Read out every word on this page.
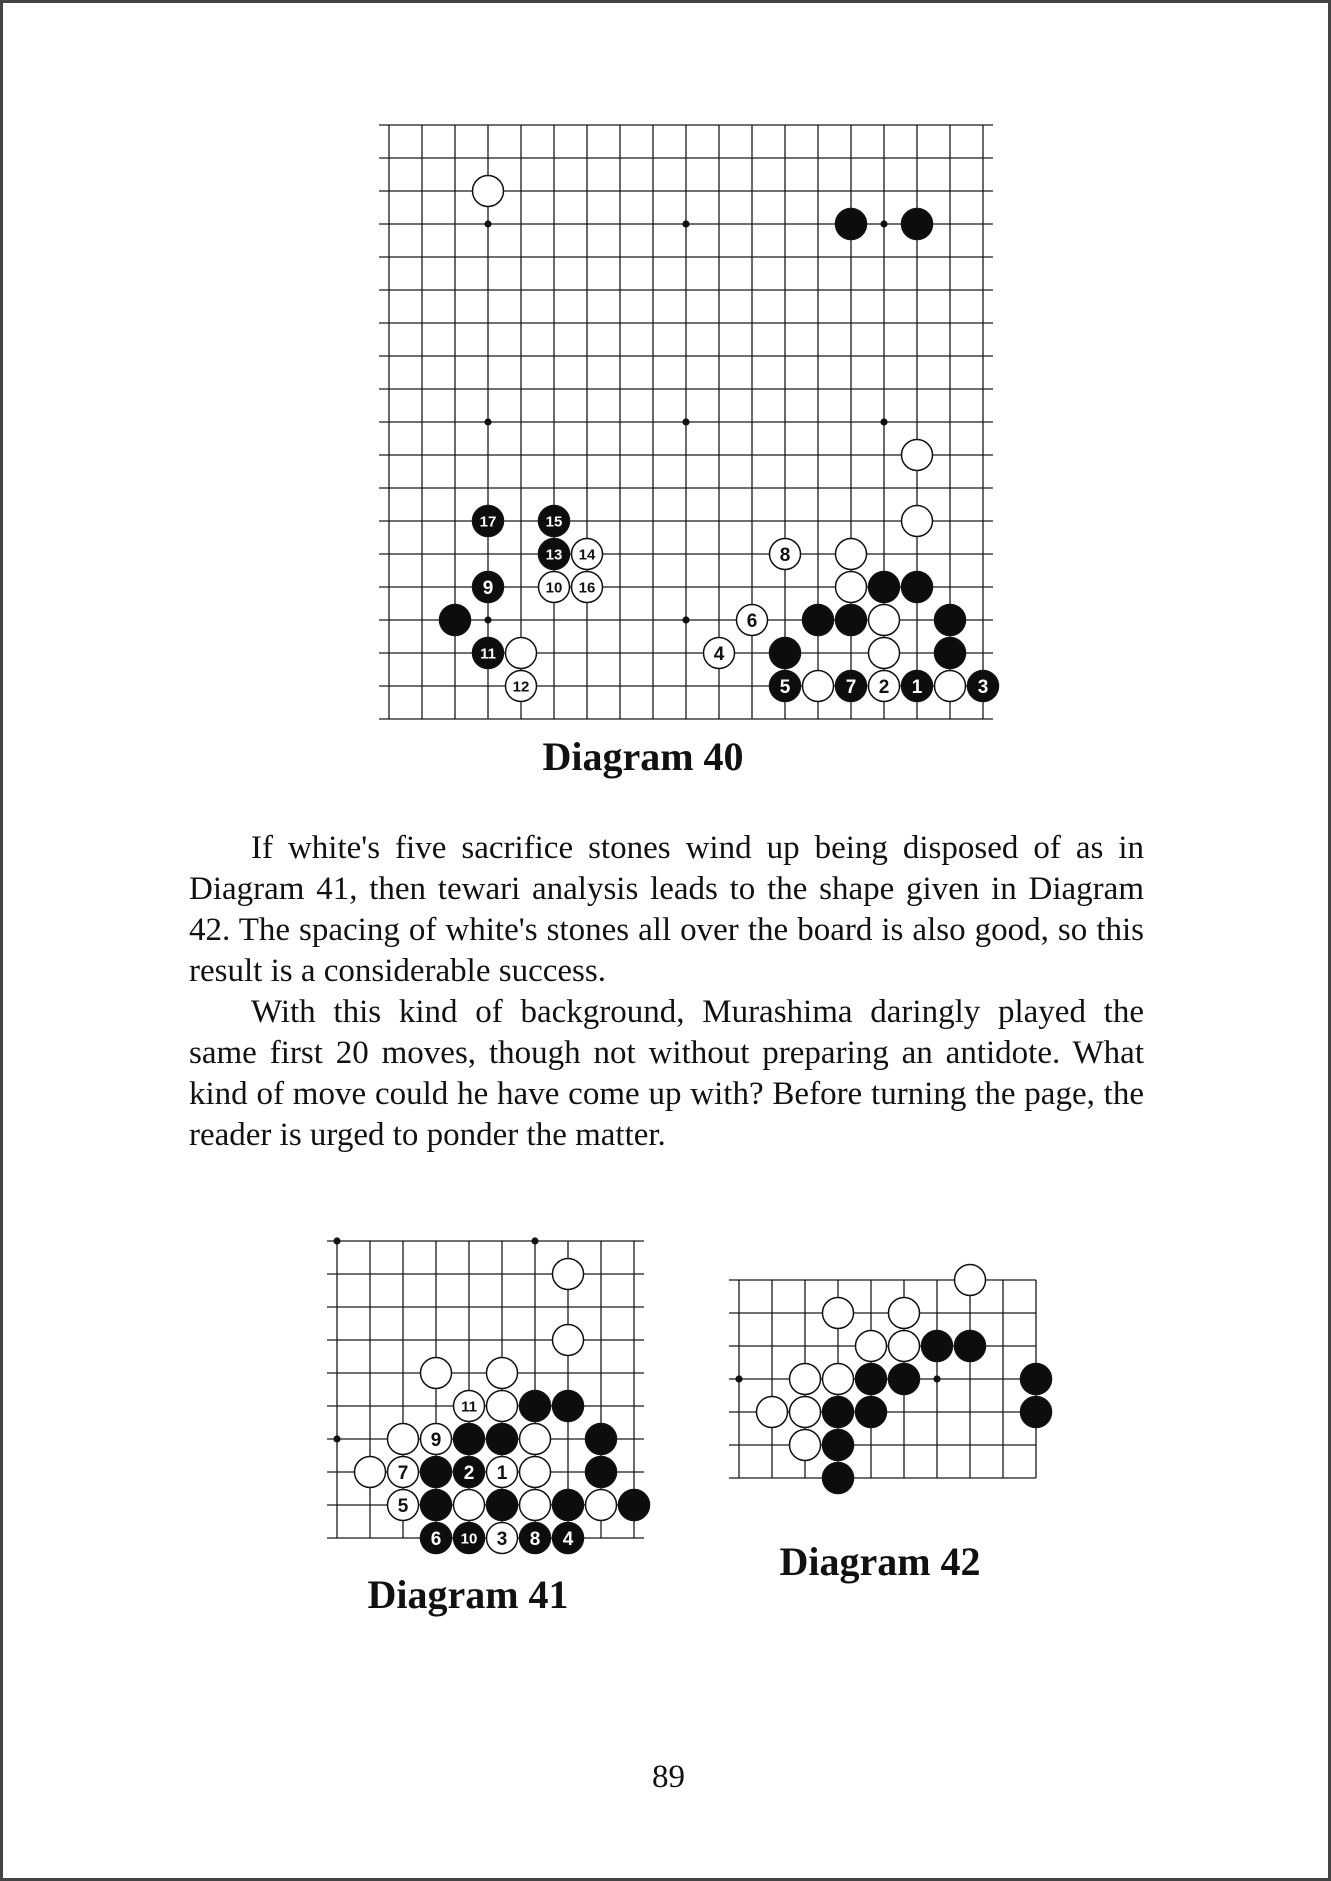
17	15
13 14	8
9	10 16
6
11	4
12	5	7 2 1	3

Diagram 40

If white's five sacrifice stones wind up being disposed of as in Diagram 41, then tewari analysis leads to the shape given in Diagram 42. The spacing of white's stones all over the board is also good, so this result is a considerable success.

With this kind of background, Murashima daringly played the same first 20 moves, though not without preparing an antidote. What kind of move could he have come up with? Before turning the page, the reader is urged to ponder the matter.

11
9
7	2 1
5
6 10 3 8 4

Diagram 41

Diagram 42

89
